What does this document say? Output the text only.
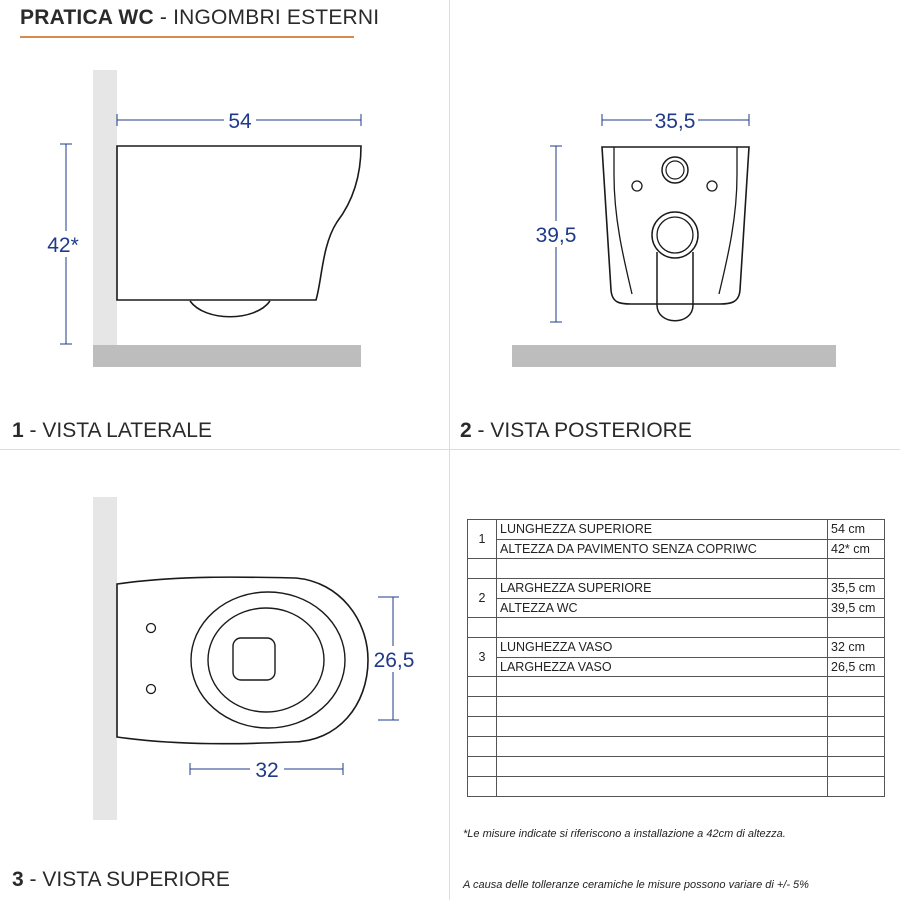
PRATICA WC - INGOMBRI ESTERNI
54
42*
35,5
39,5
32
26,5
1 - VISTA LATERALE	2 - VISTA POSTERIORE
3 - VISTA SUPERIORE
1	LUNGHEZZA SUPERIORE	54 cm
	ALTEZZA DA PAVIMENTO SENZA COPRIWC	42* cm

2	LARGHEZZA SUPERIORE	35,5 cm
	ALTEZZA WC	39,5 cm

3	LUNGHEZZA VASO	32 cm
	LARGHEZZA VASO	26,5 cm

*Le misure indicate si riferiscono a installazione a 42cm di altezza.
A causa delle tolleranze ceramiche le misure possono variare di +/- 5%
